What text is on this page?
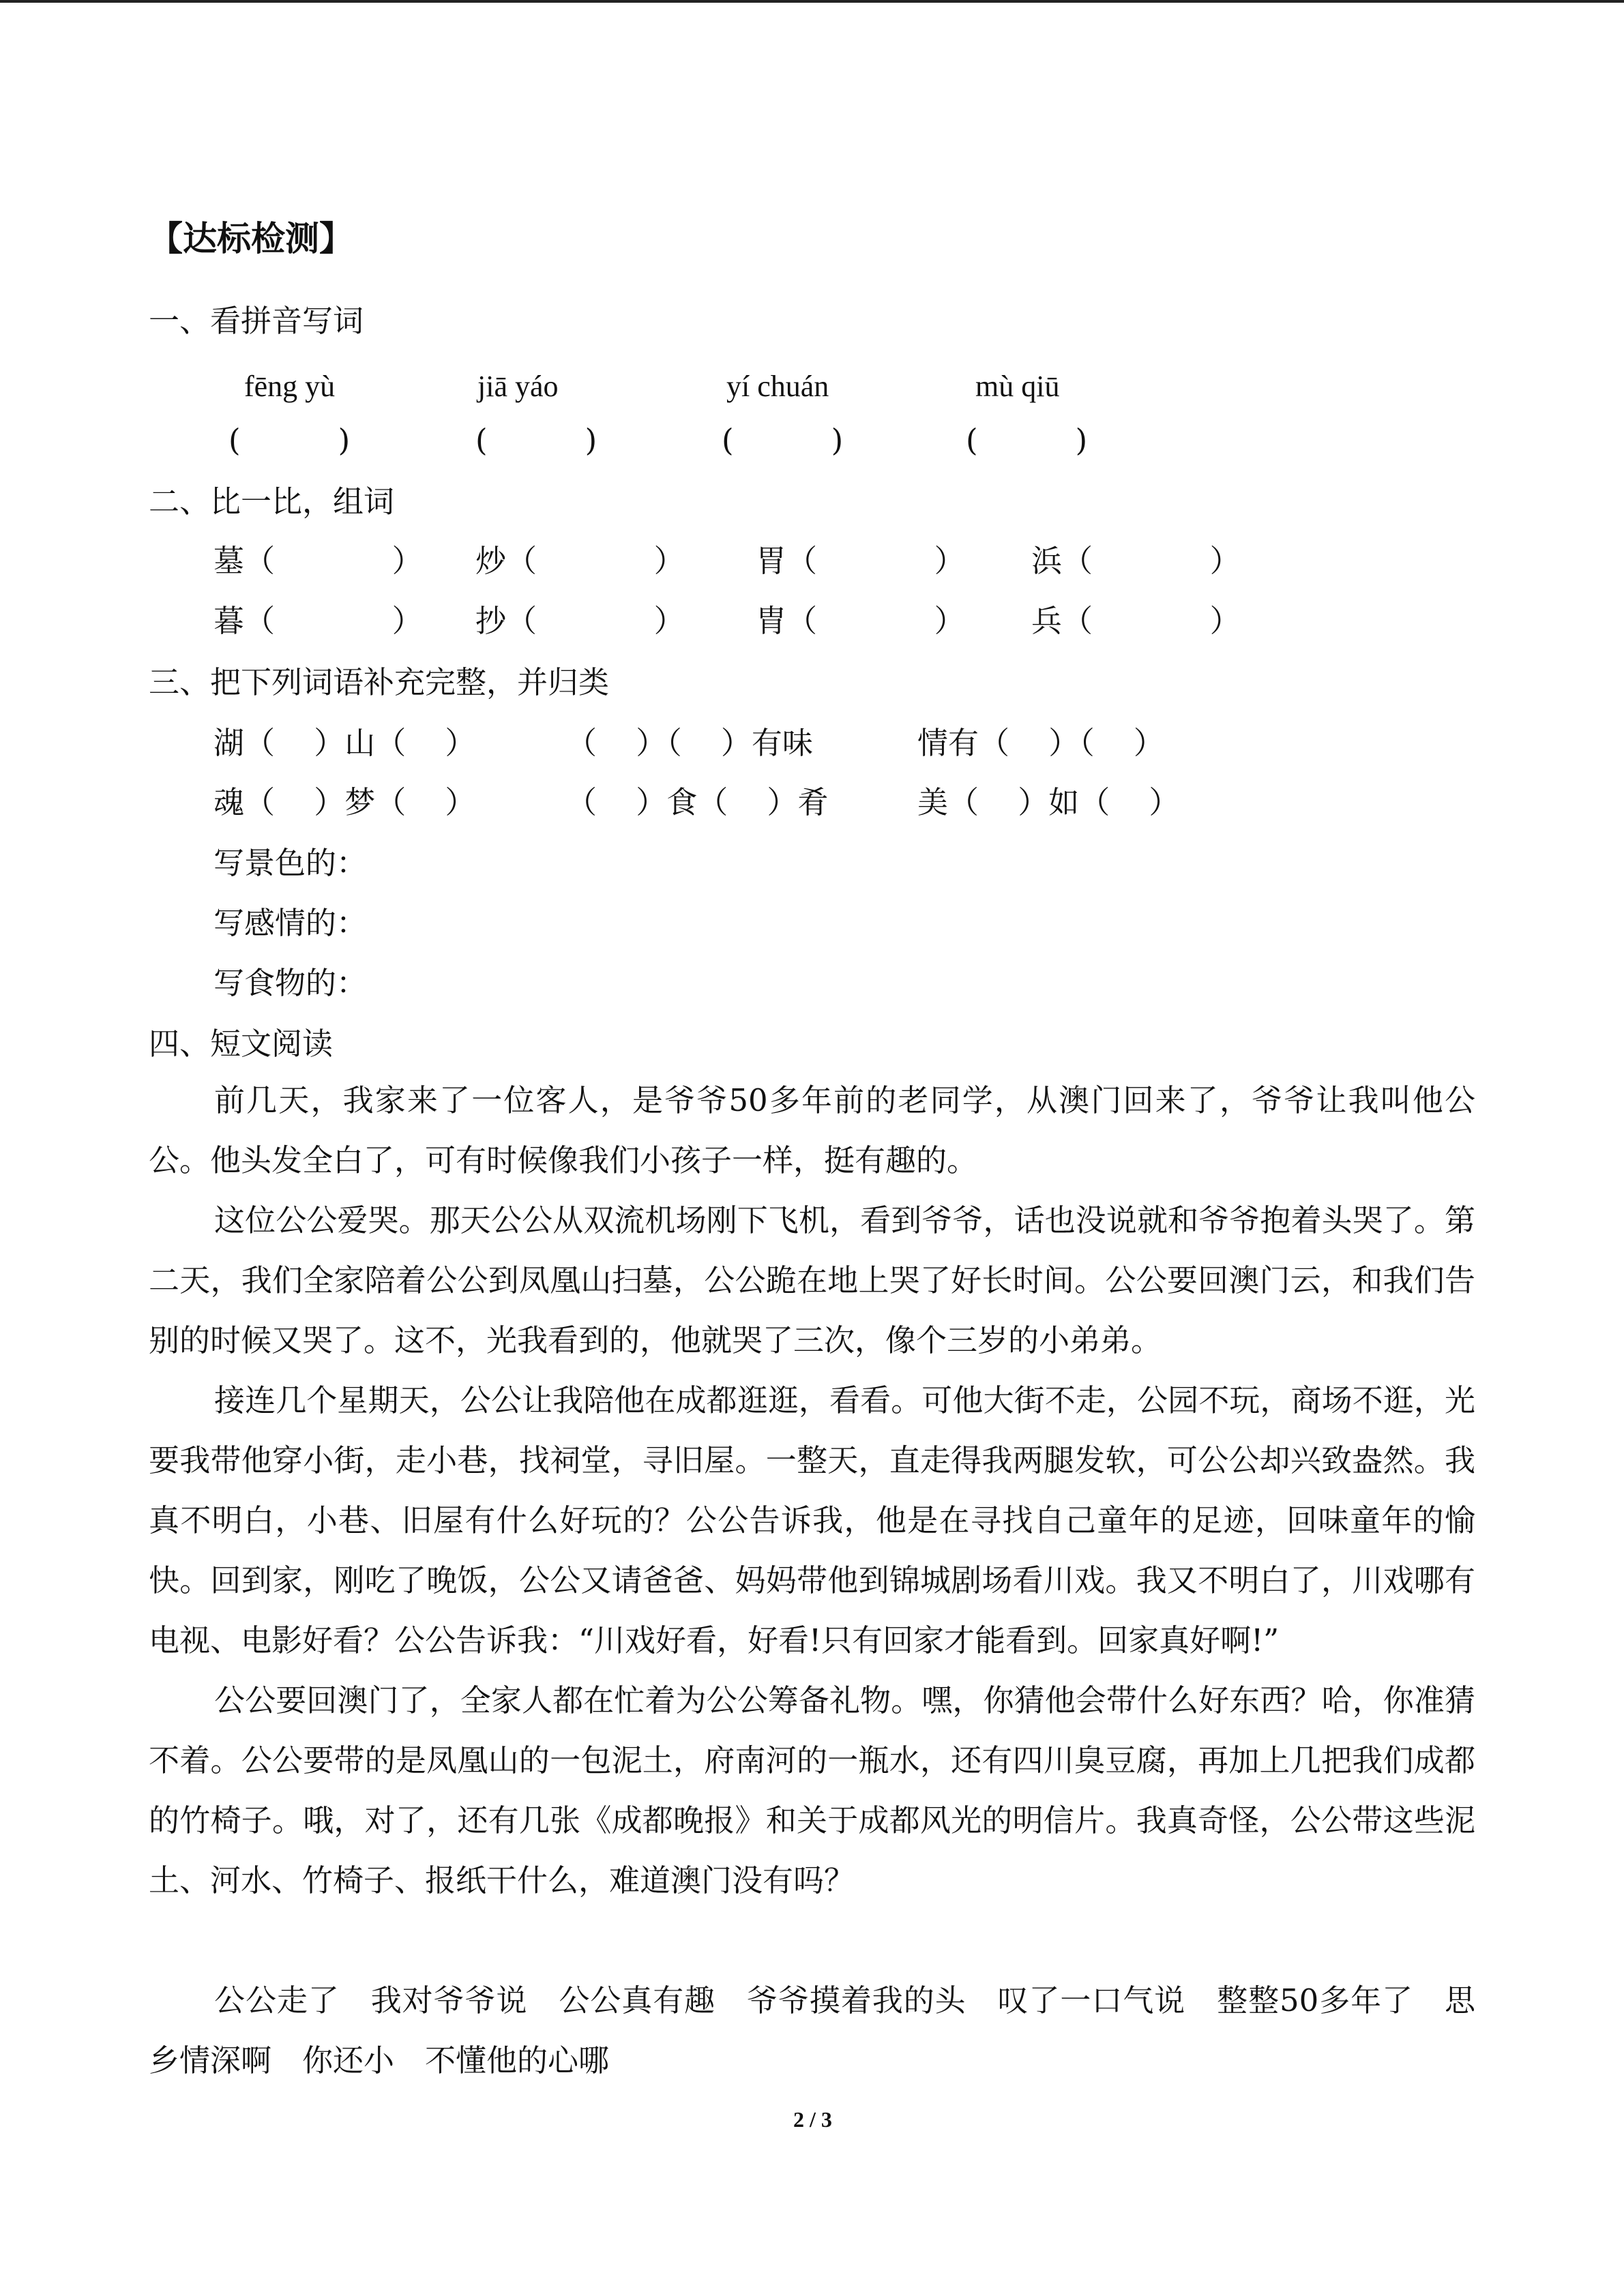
【达标检测】
一、看拼音写词
fēng yù	jiā yáo	yí chuán	mù qiū
(          )	(          )	(          )	(          )
二、比一比，组词
墓（            ） 炒（            ） 胃（            ） 浜（            ）
暮（            ） 抄（            ） 胄（            ） 兵（            ）
三、把下列词语补充完整，并归类
湖（    ）山（    ）	（    ）（    ）有味	情有（    ）（    ）
魂（    ）梦（    ）	（    ）食（    ）肴	美（    ）如（    ）
写景色的：
写感情的：
写食物的：
四、短文阅读
前几天，我家来了一位客人，是爷爷50多年前的老同学，从澳门回来了，爷爷让我叫他公公。他头发全白了，可有时候像我们小孩子一样，挺有趣的。
这位公公爱哭。那天公公从双流机场刚下飞机，看到爷爷，话也没说就和爷爷抱着头哭了。第二天，我们全家陪着公公到凤凰山扫墓，公公跪在地上哭了好长时间。公公要回澳门云，和我们告别的时候又哭了。这不，光我看到的，他就哭了三次，像个三岁的小弟弟。
接连几个星期天，公公让我陪他在成都逛逛，看看。可他大街不走，公园不玩，商场不逛，光要我带他穿小街，走小巷，找祠堂，寻旧屋。一整天，直走得我两腿发软，可公公却兴致盎然。我真不明白，小巷、旧屋有什么好玩的？公公告诉我，他是在寻找自己童年的足迹，回味童年的愉快。回到家，刚吃了晚饭，公公又请爸爸、妈妈带他到锦城剧场看川戏。我又不明白了，川戏哪有电视、电影好看？公公告诉我：“川戏好看，好看!只有回家才能看到。回家真好啊!”
公公要回澳门了，全家人都在忙着为公公筹备礼物。嘿，你猜他会带什么好东西？哈，你准猜不着。公公要带的是凤凰山的一包泥土，府南河的一瓶水，还有四川臭豆腐，再加上几把我们成都的竹椅子。哦，对了，还有几张《成都晚报》和关于成都风光的明信片。我真奇怪，公公带这些泥土、河水、竹椅子、报纸干什么，难道澳门没有吗？
公公走了　我对爷爷说　公公真有趣　爷爷摸着我的头　叹了一口气说　整整50多年了　思乡情深啊　你还小　不懂他的心哪
2 / 3
